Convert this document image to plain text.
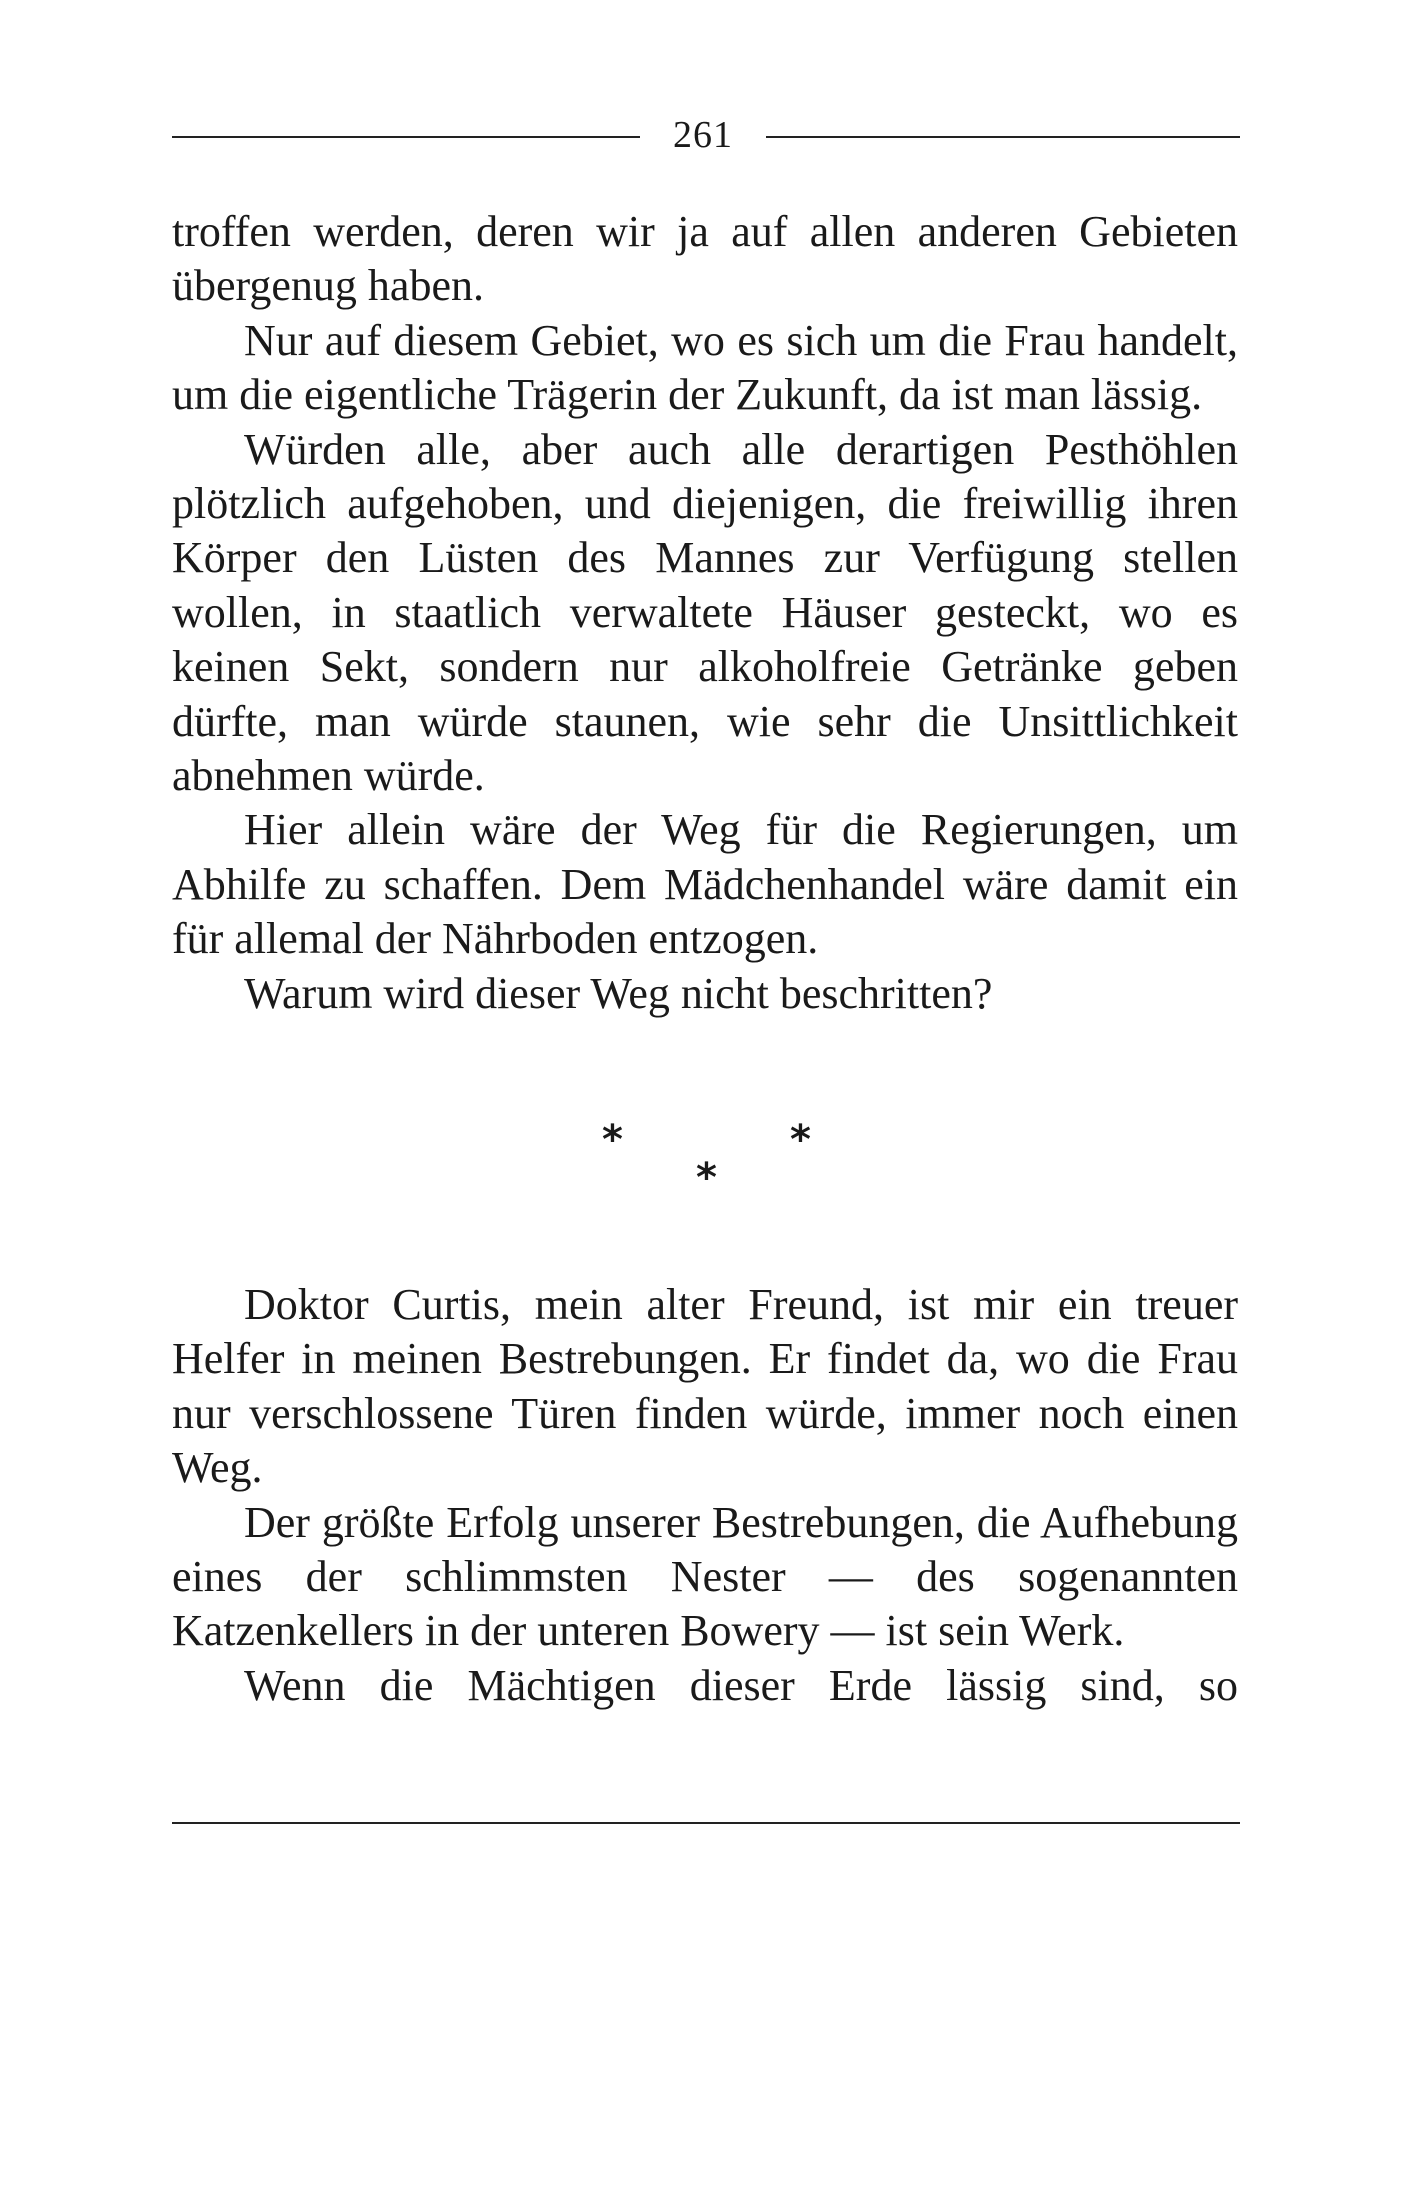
261

troffen werden, deren wir ja auf allen anderen Gebieten übergenug haben.

Nur auf diesem Gebiet, wo es sich um die Frau handelt, um die eigentliche Trägerin der Zukunft, da ist man lässig.

Würden alle, aber auch alle derartigen Pesthöhlen plötzlich aufgehoben, und diejenigen, die freiwillig ihren Körper den Lüsten des Mannes zur Verfügung stellen wollen, in staatlich verwaltete Häuser gesteckt, wo es keinen Sekt, sondern nur alkoholfreie Getränke geben dürfte, man würde staunen, wie sehr die Unsittlichkeit abnehmen würde.

Hier allein wäre der Weg für die Regierungen, um Abhilfe zu schaffen. Dem Mädchenhandel wäre damit ein für allemal der Nährboden entzogen.

Warum wird dieser Weg nicht beschritten?

*	*
*

Doktor Curtis, mein alter Freund, ist mir ein treuer Helfer in meinen Bestrebungen. Er findet da, wo die Frau nur verschlossene Türen finden würde, immer noch einen Weg.

Der größte Erfolg unserer Bestrebungen, die Aufhebung eines der schlimmsten Nester — des sogenannten Katzenkellers in der unteren Bowery — ist sein Werk.

Wenn die Mächtigen dieser Erde lässig sind, so
